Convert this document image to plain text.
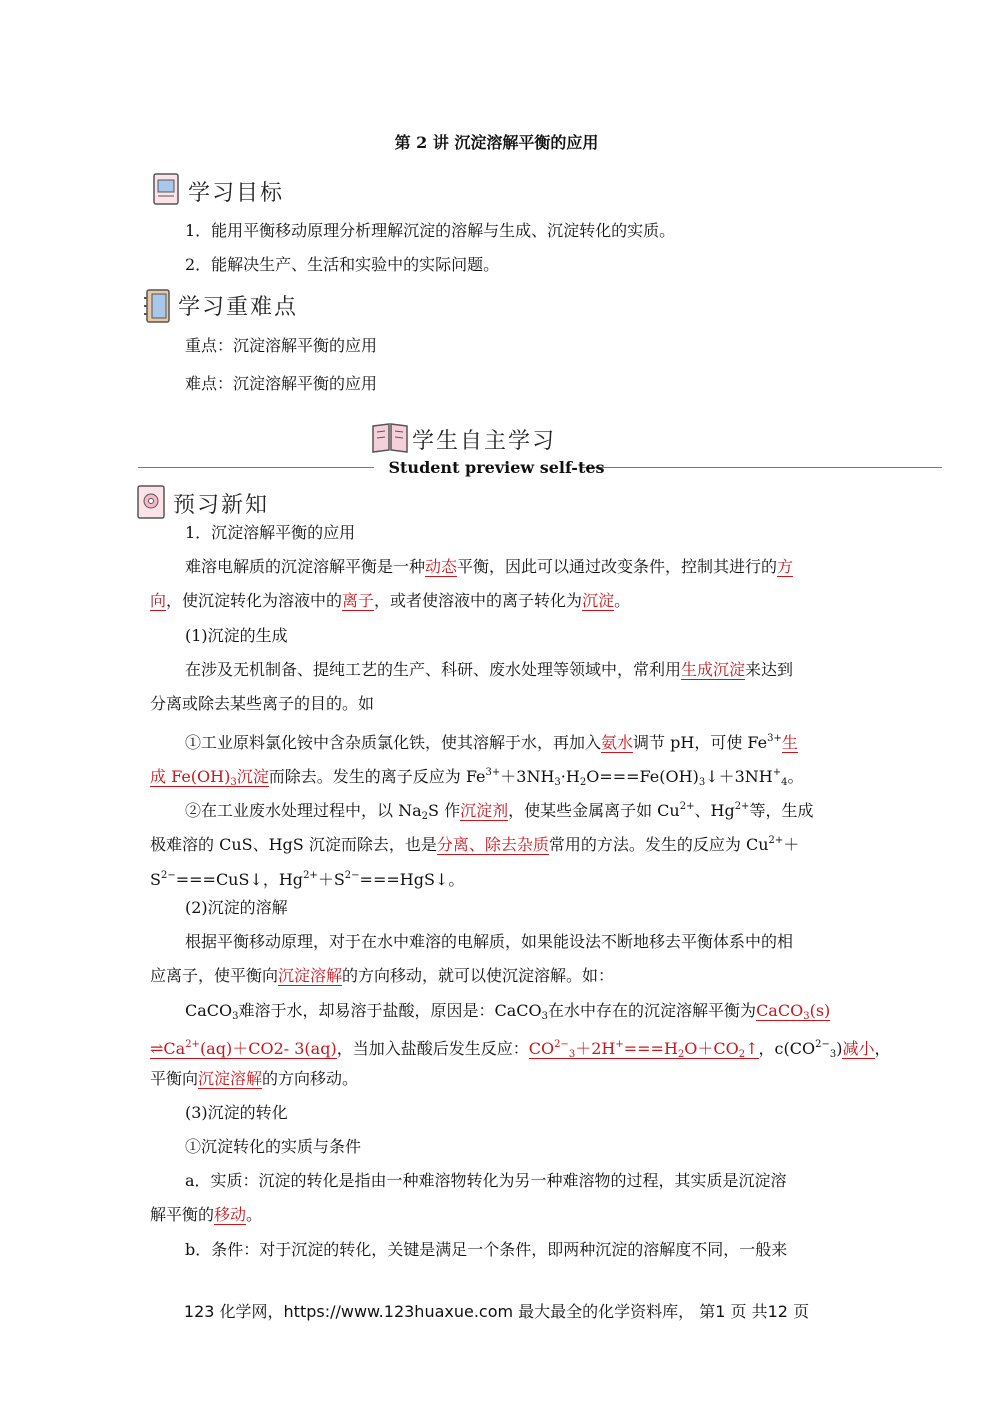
第 2 讲 沉淀溶解平衡的应用
学习目标
1．能用平衡移动原理分析理解沉淀的溶解与生成、沉淀转化的实质。
2．能解决生产、生活和实验中的实际问题。
学习重难点
重点：沉淀溶解平衡的应用
难点：沉淀溶解平衡的应用
学生自主学习
Student preview self-tes
预习新知
1．沉淀溶解平衡的应用
难溶电解质的沉淀溶解平衡是一种动态平衡，因此可以通过改变条件，控制其进行的方
向，使沉淀转化为溶液中的离子，或者使溶液中的离子转化为沉淀。
(1)沉淀的生成
在涉及无机制备、提纯工艺的生产、科研、废水处理等领域中，常利用生成沉淀来达到
分离或除去某些离子的目的。如
①工业原料氯化铵中含杂质氯化铁，使其溶解于水，再加入氨水调节 pH，可使 $Fe^{3+}$生
成 $Fe(OH)_3$沉淀而除去。发生的离子反应为 $Fe^{3+}+3NH_3\cdot H_2O===Fe(OH)_3↓+3NH^+_4$。
②在工业废水处理过程中，以 $Na_2S$ 作沉淀剂，使某些金属离子如 $Cu^{2+}$、$Hg^{2+}$等，生成
极难溶的 CuS、HgS 沉淀而除去，也是分离、除去杂质常用的方法。发生的反应为 $Cu^{2+}+$
$S^{2-}===CuS↓$，$Hg^{2+}+S^{2-}===HgS↓$。
(2)沉淀的溶解
根据平衡移动原理，对于在水中难溶的电解质，如果能设法不断地移去平衡体系中的相
应离子，使平衡向沉淀溶解的方向移动，就可以使沉淀溶解。如：
CaCO$_3$难溶于水，却易溶于盐酸，原因是：CaCO$_3$在水中存在的沉淀溶解平衡为CaCO$_3$(s)
$\rightleftharpoons Ca^{2+}(aq)+CO2-$ 3(aq)，当加入盐酸后发生反应：$CO^{2-}_3+2H^+===H_2O+CO_2↑$，$c(CO^{2-}_3)$减小，
平衡向沉淀溶解的方向移动。
(3)沉淀的转化
①沉淀转化的实质与条件
a．实质：沉淀的转化是指由一种难溶物转化为另一种难溶物的过程，其实质是沉淀溶
解平衡的移动。
b．条件：对于沉淀的转化，关键是满足一个条件，即两种沉淀的溶解度不同，一般来
123 化学网，https://www.123huaxue.com 最大最全的化学资料库， 第1 页 共12 页
